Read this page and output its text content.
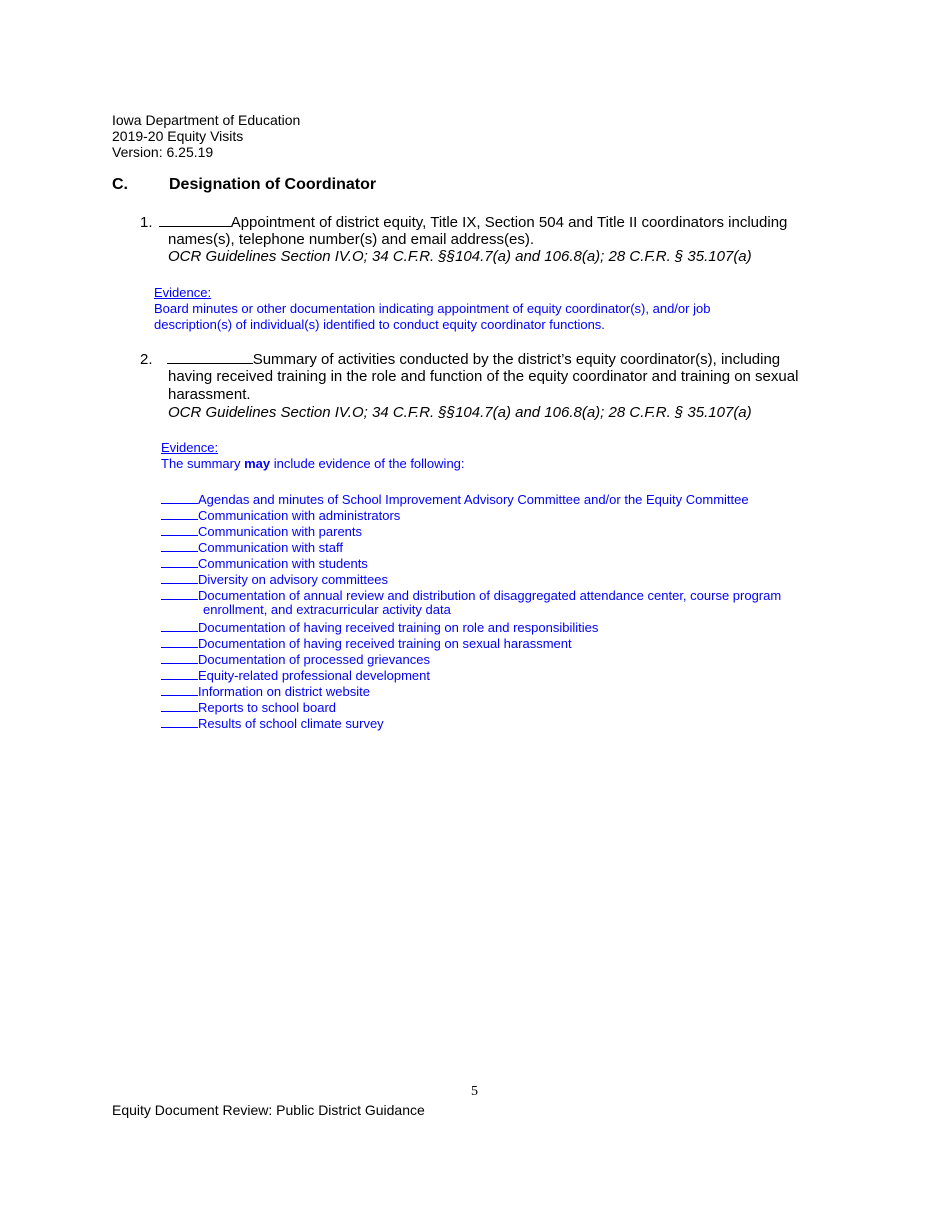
Iowa Department of Education
2019-20 Equity Visits
Version: 6.25.19
C.	Designation of Coordinator
1.	Appointment of district equity, Title IX, Section 504 and Title II coordinators including
names(s), telephone number(s) and email address(es).
OCR Guidelines Section IV.O; 34 C.F.R. §§104.7(a) and 106.8(a); 28 C.F.R. § 35.107(a)
Evidence:
Board minutes or other documentation indicating appointment of equity coordinator(s), and/or job
description(s) of individual(s) identified to conduct equity coordinator functions.
2.	Summary of activities conducted by the district’s equity coordinator(s), including
having received training in the role and function of the equity coordinator and training on sexual
harassment.
OCR Guidelines Section IV.O; 34 C.F.R. §§104.7(a) and 106.8(a); 28 C.F.R. § 35.107(a)
Evidence:
The summary may include evidence of the following:
Agendas and minutes of School Improvement Advisory Committee and/or the Equity Committee
Communication with administrators
Communication with parents
Communication with staff
Communication with students
Diversity on advisory committees
Documentation of annual review and distribution of disaggregated attendance center, course program
enrollment, and extracurricular activity data
Documentation of having received training on role and responsibilities
Documentation of having received training on sexual harassment
Documentation of processed grievances
Equity-related professional development
Information on district website
Reports to school board
Results of school climate survey
5
Equity Document Review: Public District Guidance
